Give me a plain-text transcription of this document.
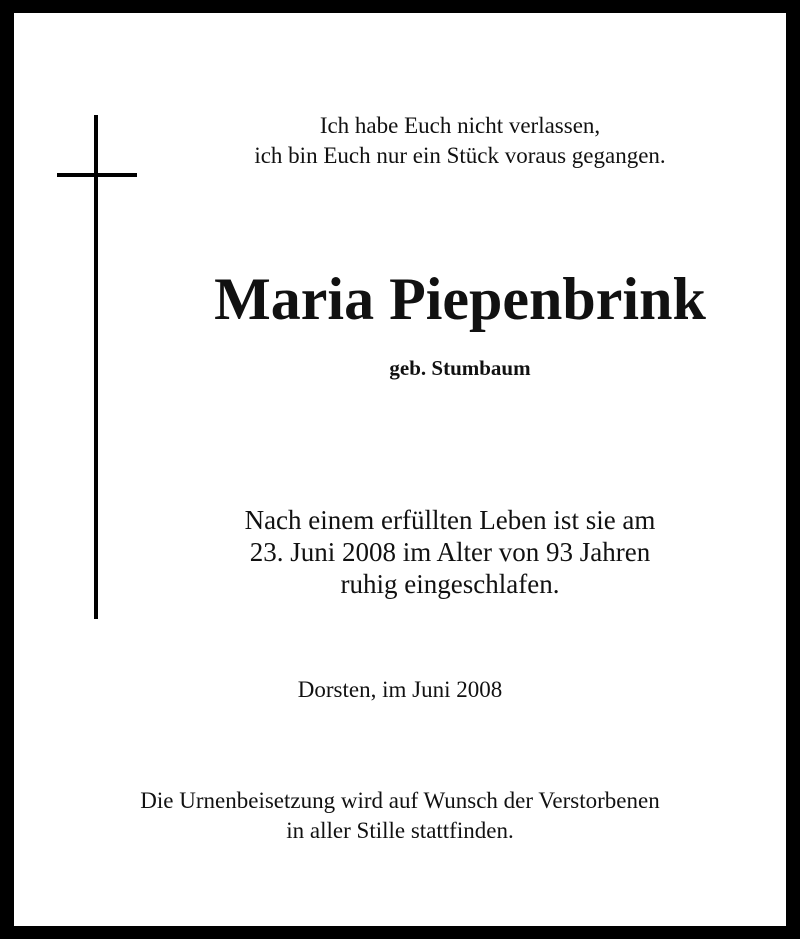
Ich habe Euch nicht verlassen,
ich bin Euch nur ein Stück voraus gegangen.
Maria Piepenbrink
geb. Stumbaum
Nach einem erfüllten Leben ist sie am
23. Juni 2008 im Alter von 93 Jahren
ruhig eingeschlafen.
Dorsten, im Juni 2008
Die Urnenbeisetzung wird auf Wunsch der Verstorbenen
in aller Stille stattfinden.
